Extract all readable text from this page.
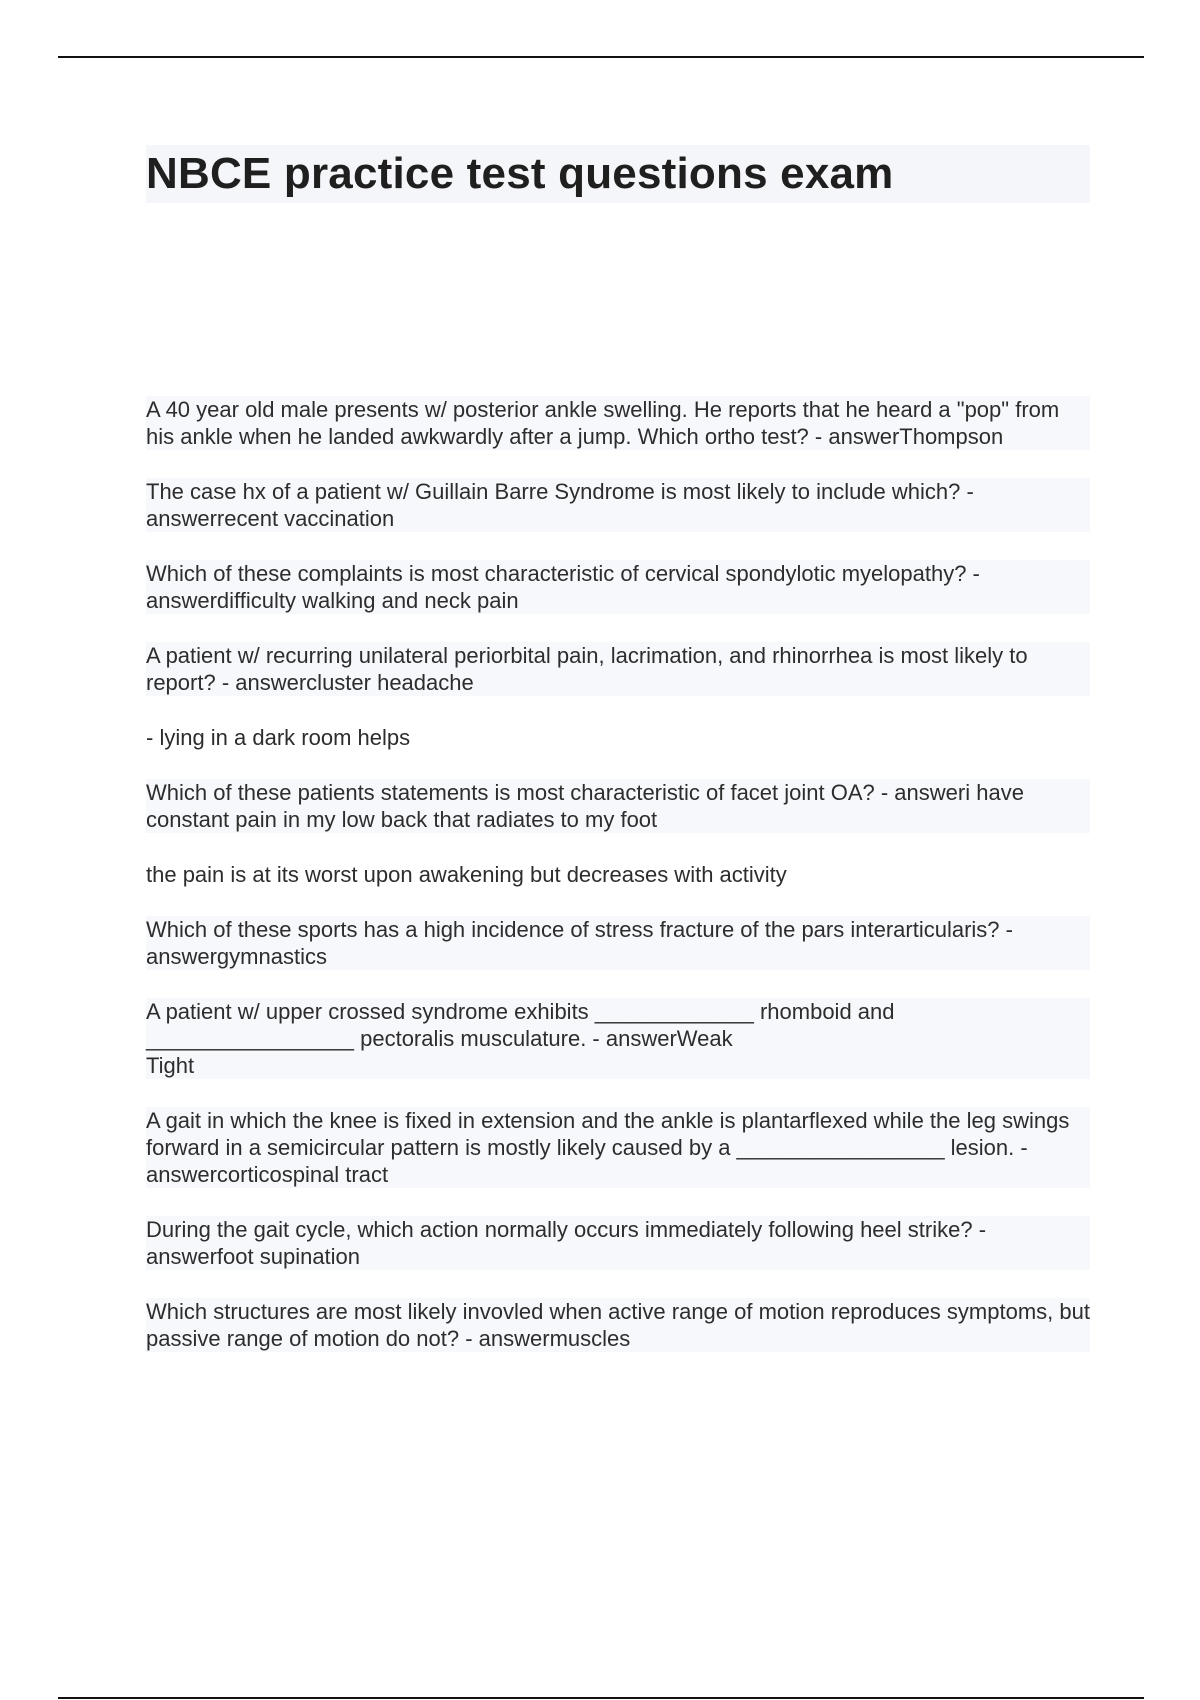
NBCE practice test questions exam

A 40 year old male presents w/ posterior ankle swelling. He reports that he heard a "pop" from his ankle when he landed awkwardly after a jump. Which ortho test? - answerThompson

The case hx of a patient w/ Guillain Barre Syndrome is most likely to include which? - answerrecent vaccination

Which of these complaints is most characteristic of cervical spondylotic myelopathy? - answerdifficulty walking and neck pain

A patient w/ recurring unilateral periorbital pain, lacrimation, and rhinorrhea is most likely to report? - answercluster headache

- lying in a dark room helps

Which of these patients statements is most characteristic of facet joint OA? - answeri have constant pain in my low back that radiates to my foot

the pain is at its worst upon awakening but decreases with activity

Which of these sports has a high incidence of stress fracture of the pars interarticularis? - answergymnastics

A patient w/ upper crossed syndrome exhibits _____________ rhomboid and _________________ pectoralis musculature. - answerWeak
Tight

A gait in which the knee is fixed in extension and the ankle is plantarflexed while the leg swings forward in a semicircular pattern is mostly likely caused by a _________________ lesion. - answercorticospinal tract

During the gait cycle, which action normally occurs immediately following heel strike? - answerfoot supination

Which structures are most likely invovled when active range of motion reproduces symptoms, but passive range of motion do not? - answermuscles
